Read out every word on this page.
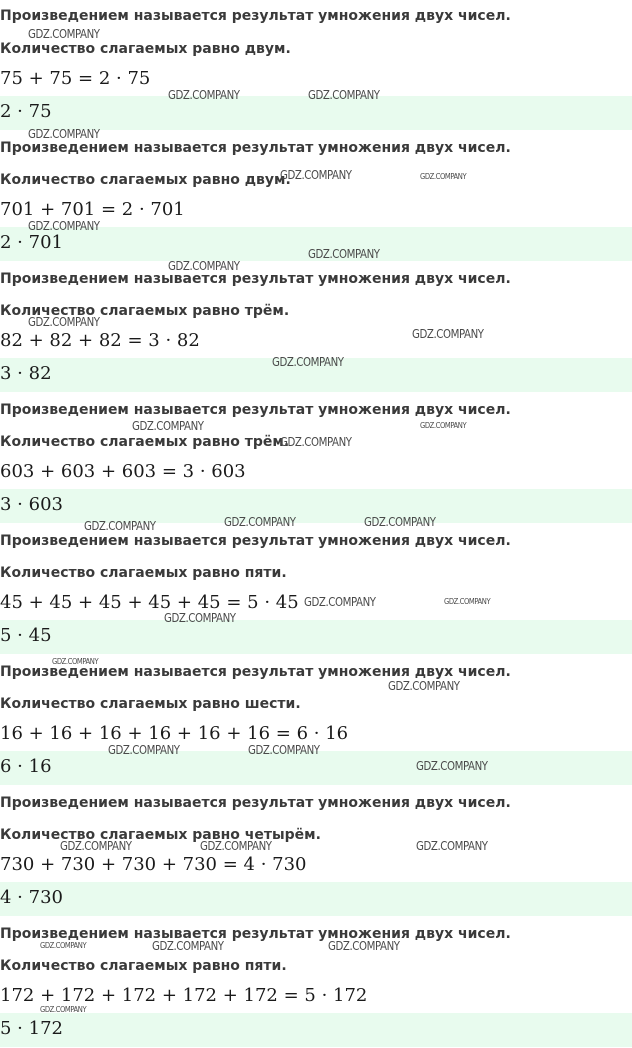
Произведением называется результат умножения двух чисел.
Количество слагаемых равно двум.
75 + 75 = 2 · 75
2 · 75
Произведением называется результат умножения двух чисел.
Количество слагаемых равно двум.
701 + 701 = 2 · 701
2 · 701
Произведением называется результат умножения двух чисел.
Количество слагаемых равно трём.
82 + 82 + 82 = 3 · 82
3 · 82
Произведением называется результат умножения двух чисел.
Количество слагаемых равно трём.
603 + 603 + 603 = 3 · 603
3 · 603
Произведением называется результат умножения двух чисел.
Количество слагаемых равно пяти.
45 + 45 + 45 + 45 + 45 = 5 · 45
5 · 45
Произведением называется результат умножения двух чисел.
Количество слагаемых равно шести.
16 + 16 + 16 + 16 + 16 + 16 = 6 · 16
6 · 16
Произведением называется результат умножения двух чисел.
Количество слагаемых равно четырём.
730 + 730 + 730 + 730 = 4 · 730
4 · 730
Произведением называется результат умножения двух чисел.
Количество слагаемых равно пяти.
172 + 172 + 172 + 172 + 172 = 5 · 172
5 · 172
GDZ.COMPANY
GDZ.COMPANY	GDZ.COMPANY
GDZ.COMPANY
GDZ.COMPANY	GDZ.COMPANY
GDZ.COMPANY
GDZ.COMPANY
GDZ.COMPANY
GDZ.COMPANY
GDZ.COMPANY
GDZ.COMPANY
GDZ.COMPANY	GDZ.COMPANY
GDZ.COMPANY
GDZ.COMPANY	GDZ.COMPANY	GDZ.COMPANY
GDZ.COMPANY	GDZ.COMPANY
GDZ.COMPANY
GDZ.COMPANY
GDZ.COMPANY
GDZ.COMPANY	GDZ.COMPANY
GDZ.COMPANY
GDZ.COMPANY	GDZ.COMPANY	GDZ.COMPANY
GDZ.COMPANY	GDZ.COMPANY	GDZ.COMPANY
GDZ.COMPANY
